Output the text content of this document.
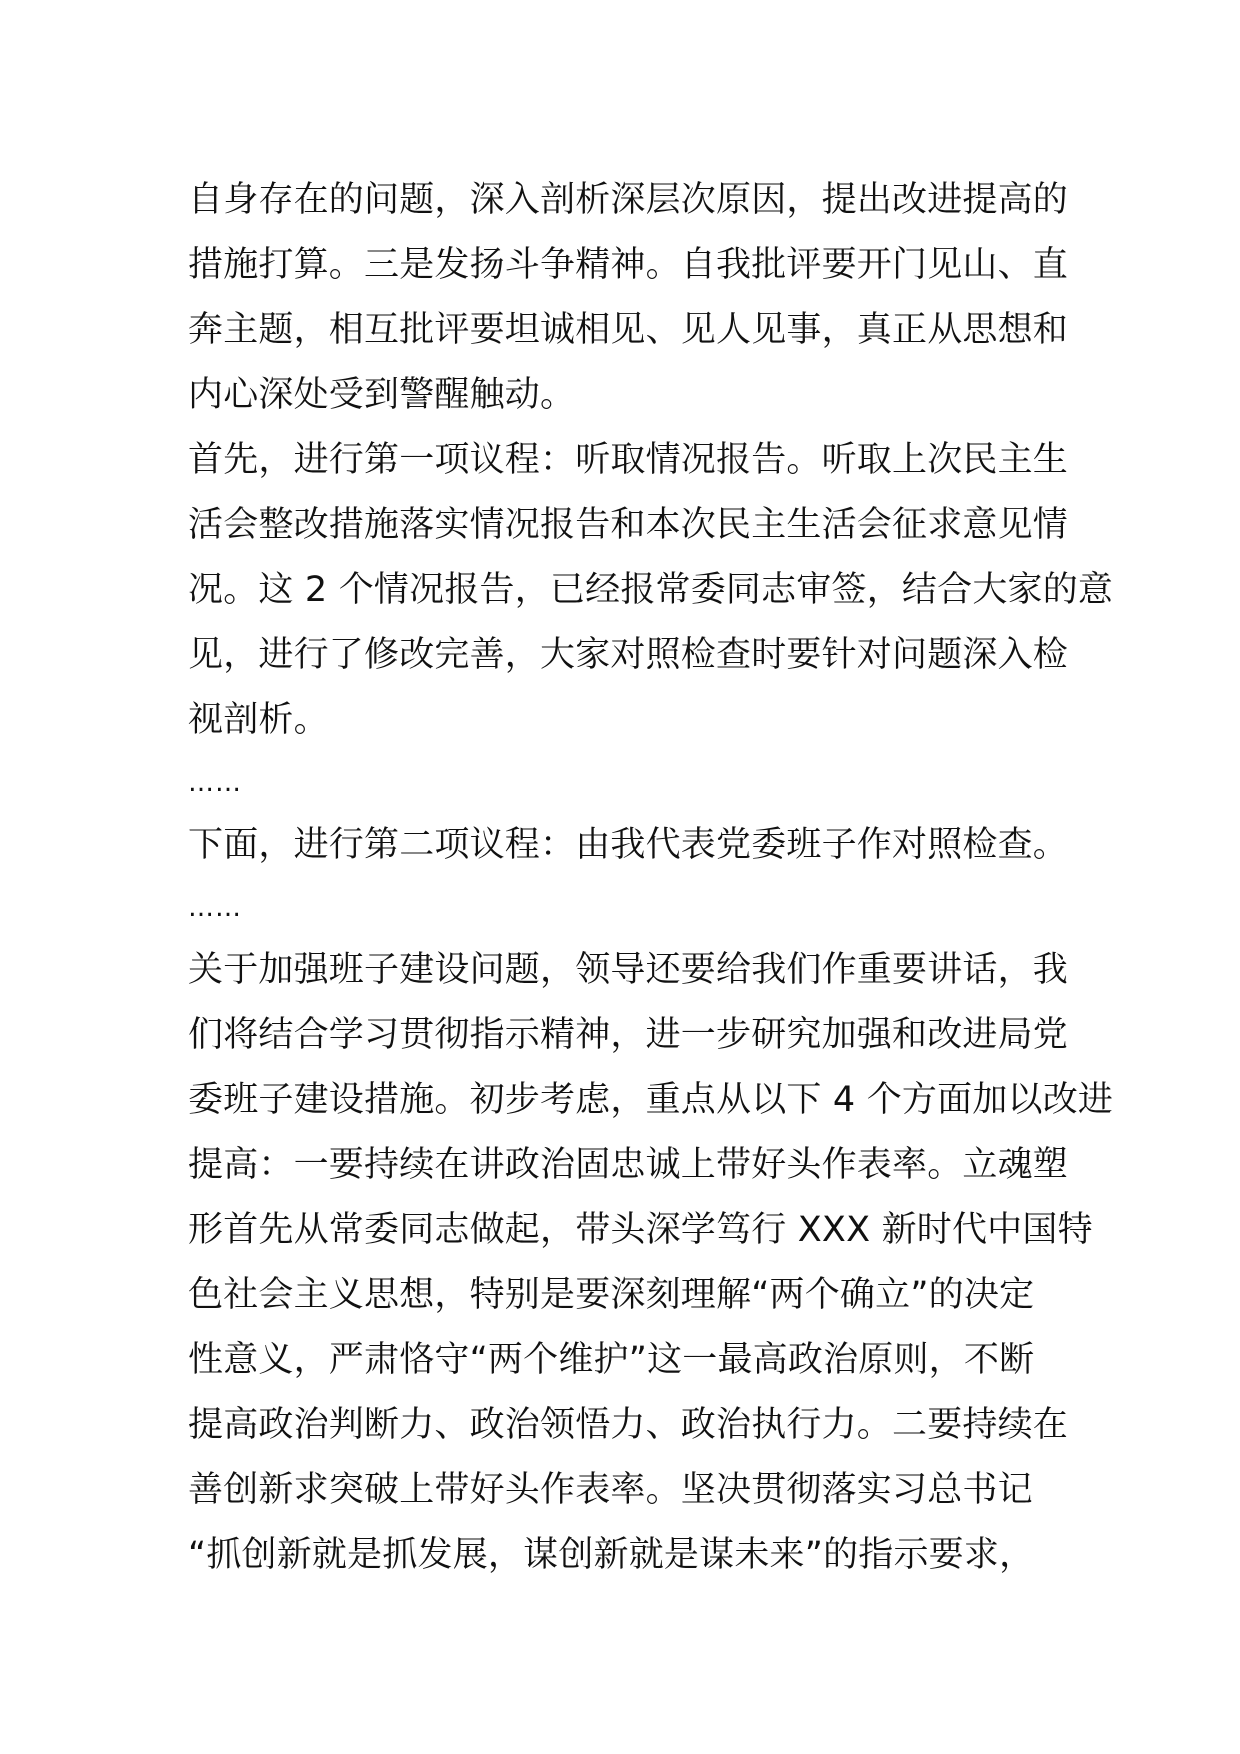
自身存在的问题，深入剖析深层次原因，提出改进提高的
措施打算。三是发扬斗争精神。自我批评要开门见山、直
奔主题，相互批评要坦诚相见、见人见事，真正从思想和
内心深处受到警醒触动。
首先，进行第一项议程：听取情况报告。听取上次民主生
活会整改措施落实情况报告和本次民主生活会征求意见情
况。这 2 个情况报告，已经报常委同志审签，结合大家的意
见，进行了修改完善，大家对照检查时要针对问题深入检
视剖析。
……
下面，进行第二项议程：由我代表党委班子作对照检查。
……
关于加强班子建设问题，领导还要给我们作重要讲话，我
们将结合学习贯彻指示精神，进一步研究加强和改进局党
委班子建设措施。初步考虑，重点从以下 4 个方面加以改进
提高：一要持续在讲政治固忠诚上带好头作表率。立魂塑
形首先从常委同志做起，带头深学笃行 XXX 新时代中国特
色社会主义思想，特别是要深刻理解“两个确立”的决定
性意义，严肃恪守“两个维护”这一最高政治原则，不断
提高政治判断力、政治领悟力、政治执行力。二要持续在
善创新求突破上带好头作表率。坚决贯彻落实习总书记
“抓创新就是抓发展，谋创新就是谋未来”的指示要求，
